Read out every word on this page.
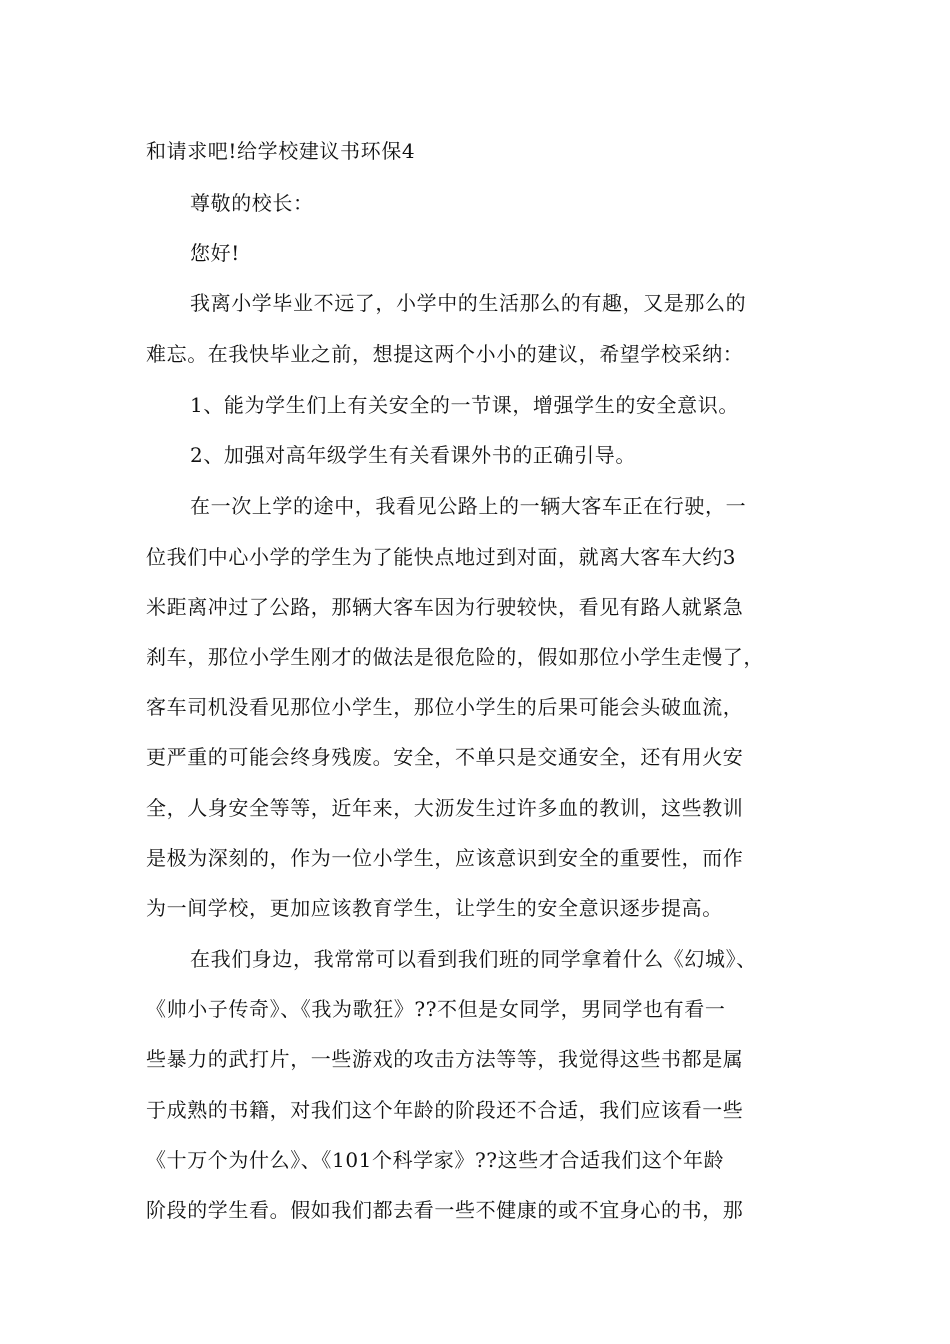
和请求吧!给学校建议书环保4
尊敬的校长：
您好!
我离小学毕业不远了，小学中的生活那么的有趣，又是那么的
难忘。在我快毕业之前，想提这两个小小的建议，希望学校采纳：
1、能为学生们上有关安全的一节课，增强学生的安全意识。
2、加强对高年级学生有关看课外书的正确引导。
在一次上学的途中，我看见公路上的一辆大客车正在行驶，一
位我们中心小学的学生为了能快点地过到对面，就离大客车大约3
米距离冲过了公路，那辆大客车因为行驶较快，看见有路人就紧急
刹车，那位小学生刚才的做法是很危险的，假如那位小学生走慢了，
客车司机没看见那位小学生，那位小学生的后果可能会头破血流，
更严重的可能会终身残废。安全，不单只是交通安全，还有用火安
全，人身安全等等，近年来，大沥发生过许多血的教训，这些教训
是极为深刻的，作为一位小学生，应该意识到安全的重要性，而作
为一间学校，更加应该教育学生，让学生的安全意识逐步提高。
在我们身边，我常常可以看到我们班的同学拿着什么《幻城》、
《帅小子传奇》、《我为歌狂》??不但是女同学，男同学也有看一
些暴力的武打片，一些游戏的攻击方法等等，我觉得这些书都是属
于成熟的书籍，对我们这个年龄的阶段还不合适，我们应该看一些
《十万个为什么》、《101个科学家》??这些才合适我们这个年龄
阶段的学生看。假如我们都去看一些不健康的或不宜身心的书，那
